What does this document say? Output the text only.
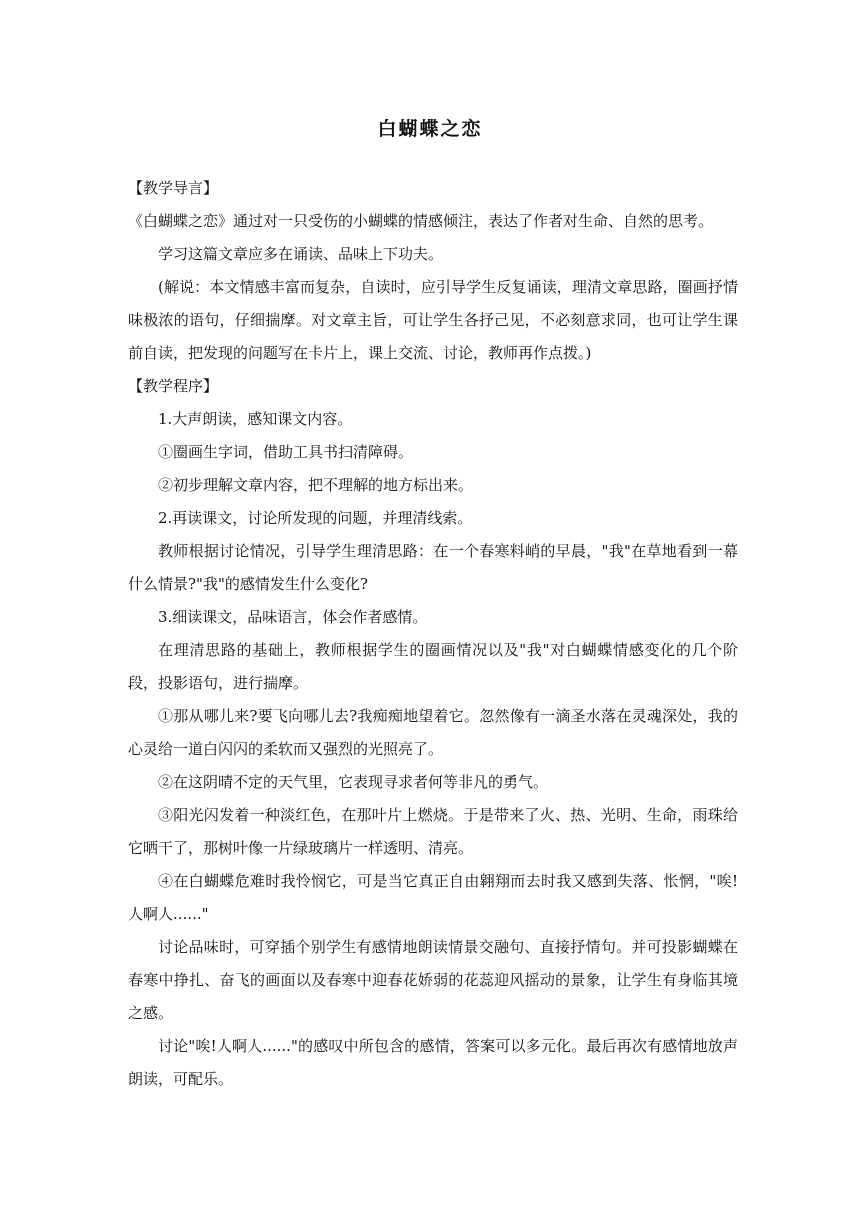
白蝴蝶之恋

【教学导言】

《白蝴蝶之恋》通过对一只受伤的小蝴蝶的情感倾注，表达了作者对生命、自然的思考。

学习这篇文章应多在诵读、品味上下功夫。

(解说：本文情感丰富而复杂，自读时，应引导学生反复诵读，理清文章思路，圈画抒情味极浓的语句，仔细揣摩。对文章主旨，可让学生各抒己见，不必刻意求同，也可让学生课前自读，把发现的问题写在卡片上，课上交流、讨论，教师再作点拨。)

【教学程序】

1.大声朗读，感知课文内容。

①圈画生字词，借助工具书扫清障碍。

②初步理解文章内容，把不理解的地方标出来。

2.再读课文，讨论所发现的问题，并理清线索。

教师根据讨论情况，引导学生理清思路：在一个春寒料峭的早晨，"我"在草地看到一幕什么情景?"我"的感情发生什么变化?

3.细读课文，品味语言，体会作者感情。

在理清思路的基础上，教师根据学生的圈画情况以及"我"对白蝴蝶情感变化的几个阶段，投影语句，进行揣摩。

①那从哪儿来?要飞向哪儿去?我痴痴地望着它。忽然像有一滴圣水落在灵魂深处，我的心灵给一道白闪闪的柔软而又强烈的光照亮了。

②在这阴晴不定的天气里，它表现寻求者何等非凡的勇气。

③阳光闪发着一种淡红色，在那叶片上燃烧。于是带来了火、热、光明、生命，雨珠给它晒干了，那树叶像一片绿玻璃片一样透明、清亮。

④在白蝴蝶危难时我怜悯它，可是当它真正自由翱翔而去时我又感到失落、怅惘，"唉!人啊人......"

讨论品味时，可穿插个别学生有感情地朗读情景交融句、直接抒情句。并可投影蝴蝶在春寒中挣扎、奋飞的画面以及春寒中迎春花娇弱的花蕊迎风摇动的景象，让学生有身临其境之感。

讨论"唉!人啊人......"的感叹中所包含的感情，答案可以多元化。最后再次有感情地放声朗读，可配乐。
